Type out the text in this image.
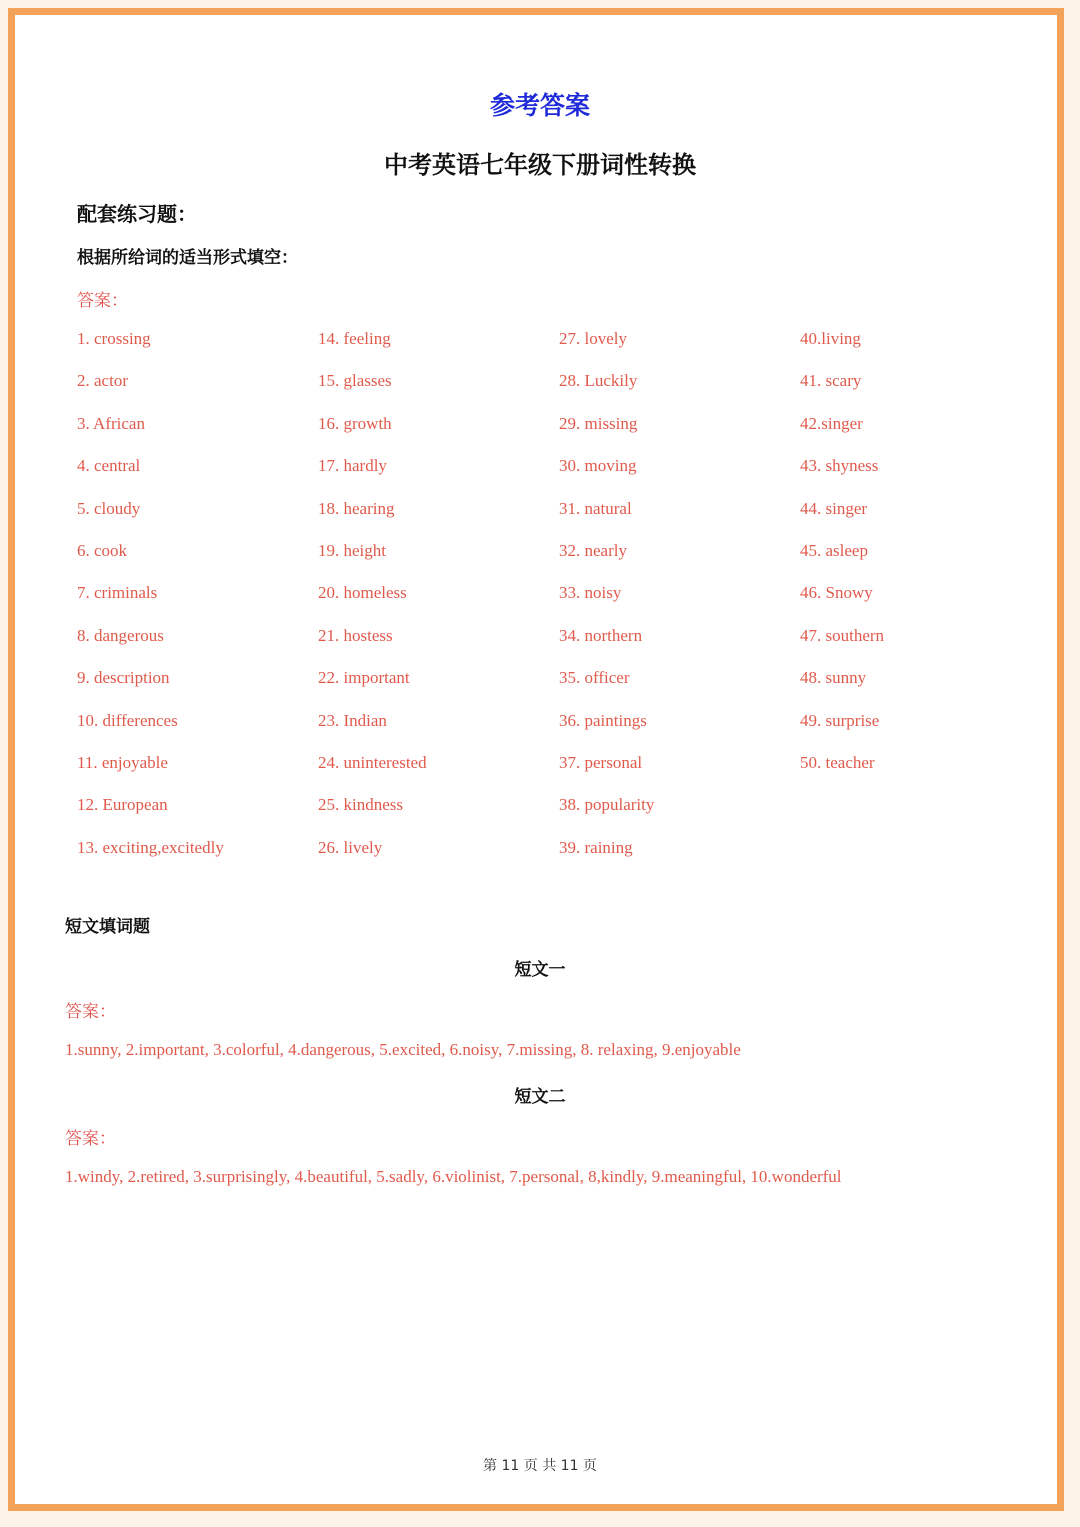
参考答案
中考英语七年级下册词性转换

配套练习题：

根据所给词的适当形式填空：

答案：

1. crossing
2. actor
3. African
4. central
5. cloudy
6. cook
7. criminals
8. dangerous
9. description
10. differences
11. enjoyable
12. European
13. exciting,excitedly
14. feeling
15. glasses
16. growth
17. hardly
18. hearing
19. height
20. homeless
21. hostess
22. important
23. Indian
24. uninterested
25. kindness
26. lively
27. lovely
28. Luckily
29. missing
30. moving
31. natural
32. nearly
33. noisy
34. northern
35. officer
36. paintings
37. personal
38. popularity
39. raining
40.living
41. scary
42.singer
43. shyness
44. singer
45. asleep
46. Snowy
47. southern
48. sunny
49. surprise
50. teacher

短文填词题

短文一

答案：

1.sunny, 2.important, 3.colorful, 4.dangerous, 5.excited, 6.noisy, 7.missing, 8. relaxing, 9.enjoyable

短文二

答案：

1.windy, 2.retired, 3.surprisingly, 4.beautiful, 5.sadly, 6.violinist, 7.personal, 8,kindly, 9.meaningful, 10.wonderful

第 11 页 共 11 页
